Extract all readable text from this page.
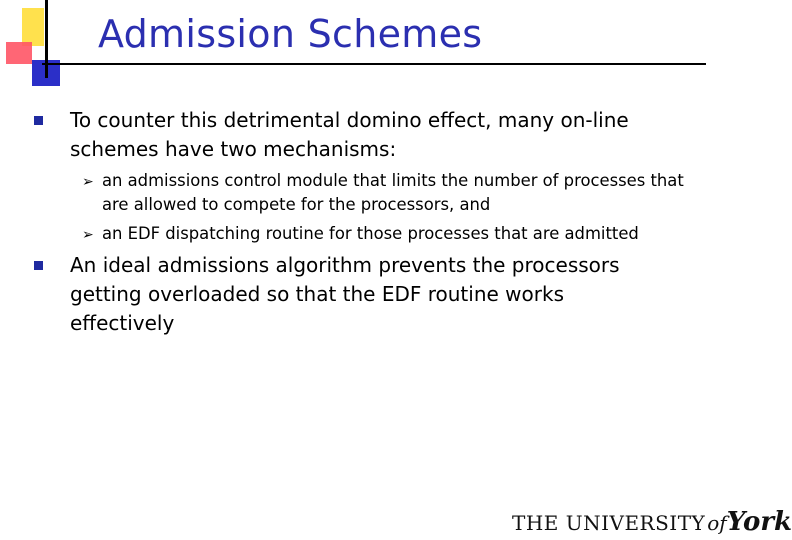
Admission Schemes
To counter this detrimental domino effect, many on-line schemes have two mechanisms:
➢ an admissions control module that limits the number of processes that are allowed to compete for the processors, and
➢ an EDF dispatching routine for those processes that are admitted
An ideal admissions algorithm prevents the processors getting overloaded so that the EDF routine works effectively
THE UNIVERSITY ofYork
